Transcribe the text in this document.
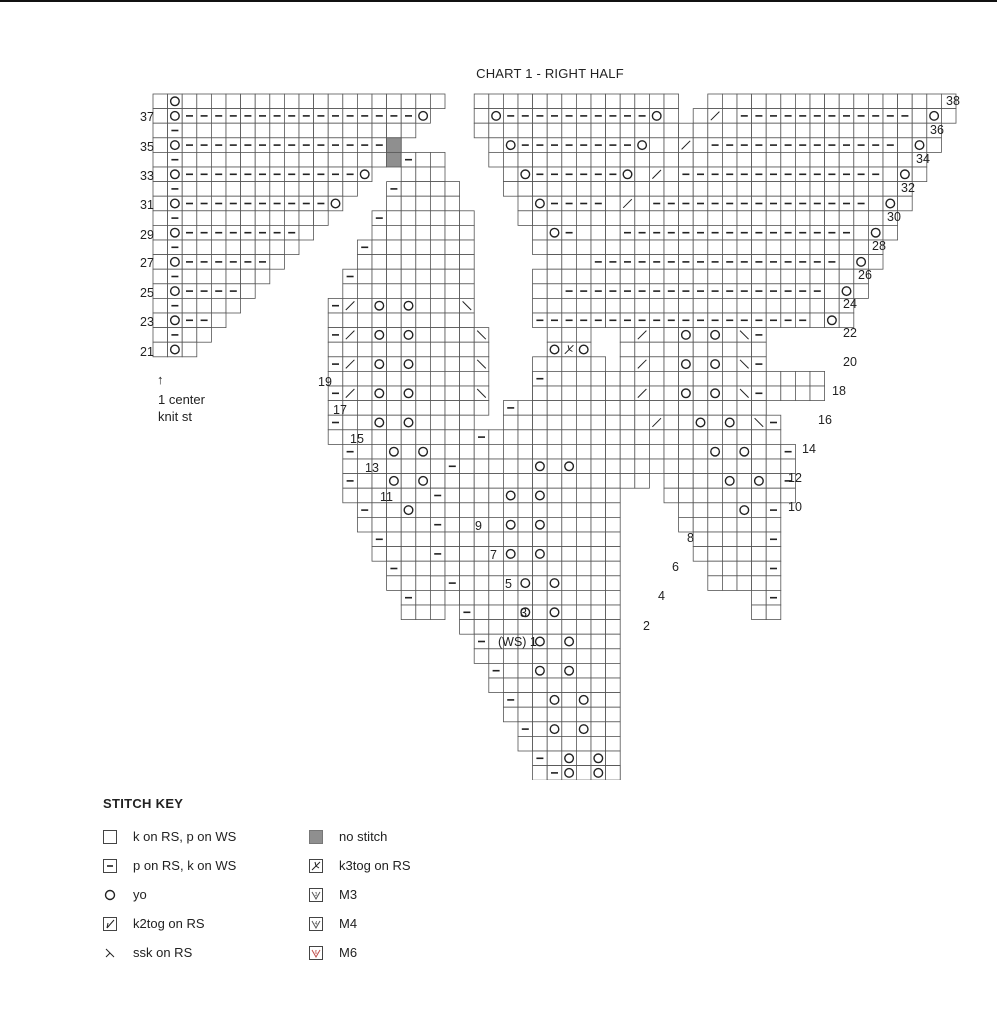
CHART 1 - RIGHT HALF
37
35
33
31
29
27
25
23
21
19
17
15
13
11
9
7
5
3
(WS) 1
38
36
34
32
30
28
26
24
22
20
18
16
14
12
10
8
6
4
2
↑
1 center
knit st
STITCH KEY
k on RS, p on WS
p on RS, k on WS
yo
k2tog on RS
ssk on RS
no stitch
k3tog on RS
3 M3
4 M4
6 M6
